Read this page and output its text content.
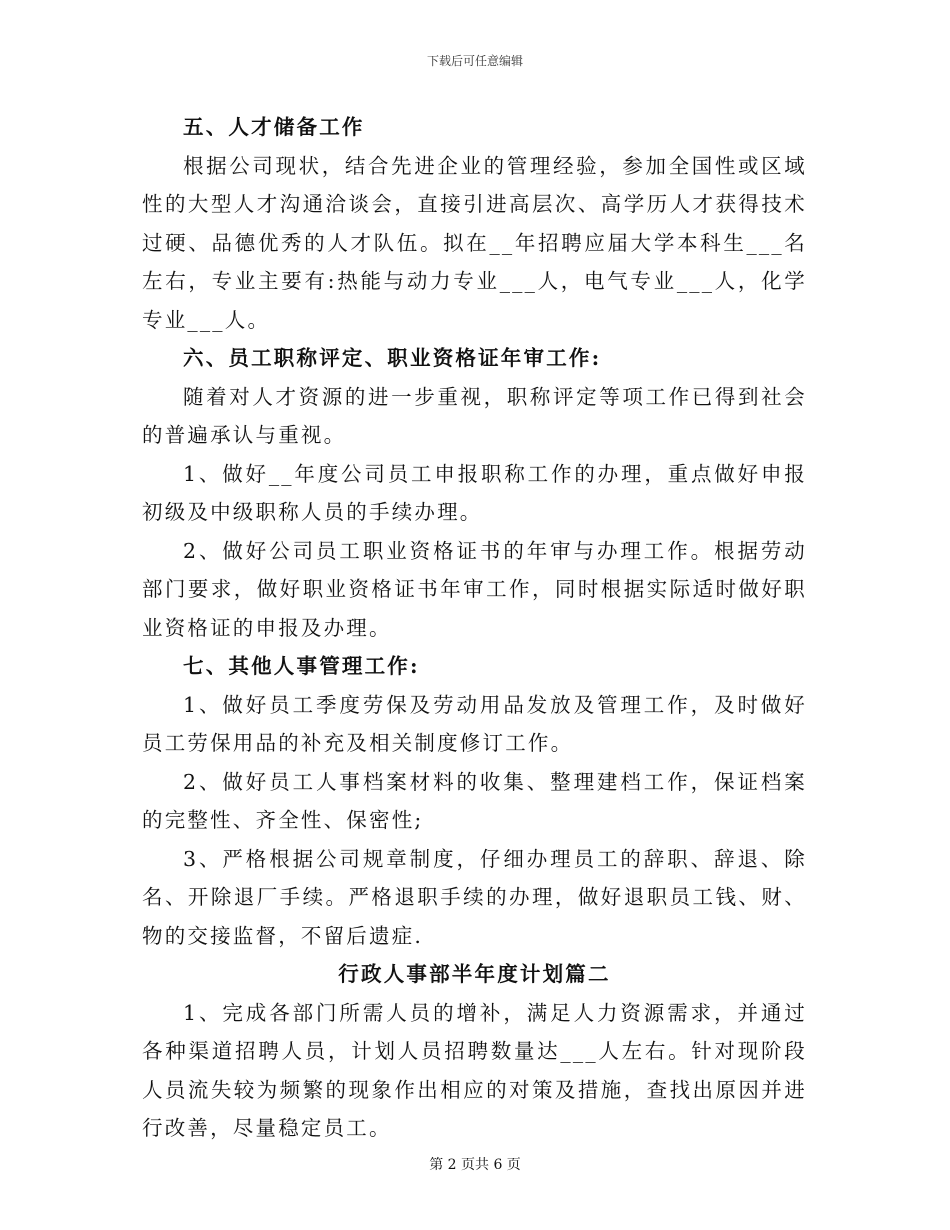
下载后可任意编辑

五、人才储备工作

根据公司现状，结合先进企业的管理经验，参加全国性或区域性的大型人才沟通洽谈会，直接引进高层次、高学历人才获得技术过硬、品德优秀的人才队伍。拟在__年招聘应届大学本科生___名左右，专业主要有:热能与动力专业___人，电气专业___人，化学专业___人。

六、员工职称评定、职业资格证年审工作:

随着对人才资源的进一步重视，职称评定等项工作已得到社会的普遍承认与重视。

1、做好__年度公司员工申报职称工作的办理，重点做好申报初级及中级职称人员的手续办理。

2、做好公司员工职业资格证书的年审与办理工作。根据劳动部门要求，做好职业资格证书年审工作，同时根据实际适时做好职业资格证的申报及办理。

七、其他人事管理工作:

1、做好员工季度劳保及劳动用品发放及管理工作，及时做好员工劳保用品的补充及相关制度修订工作。

2、做好员工人事档案材料的收集、整理建档工作，保证档案的完整性、齐全性、保密性;

3、严格根据公司规章制度，仔细办理员工的辞职、辞退、除名、开除退厂手续。严格退职手续的办理，做好退职员工钱、财、物的交接监督，不留后遗症.

行政人事部半年度计划篇二

1、完成各部门所需人员的增补，满足人力资源需求，并通过各种渠道招聘人员，计划人员招聘数量达___人左右。针对现阶段人员流失较为频繁的现象作出相应的对策及措施，查找出原因并进行改善，尽量稳定员工。

第 2 页共 6 页
